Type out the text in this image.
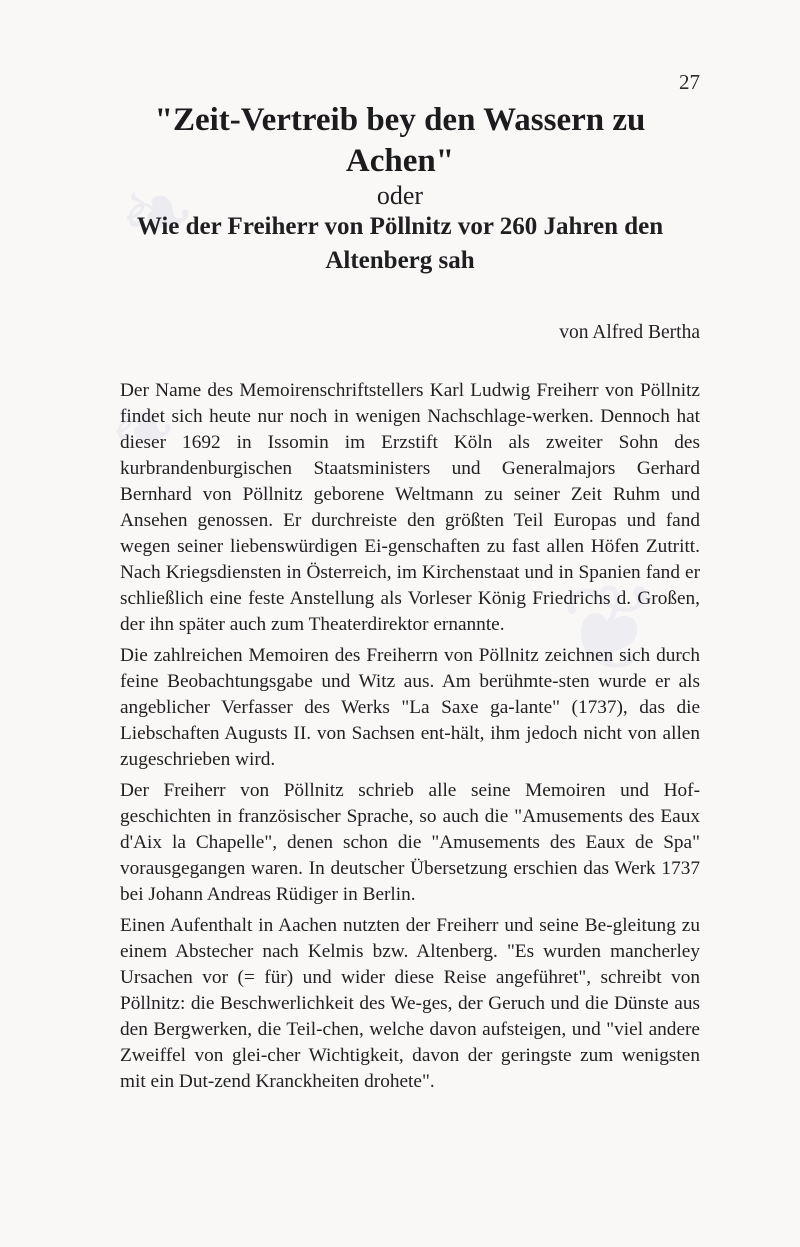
❧
❦
❧
27
"Zeit-Vertreib bey den Wassern zu Achen"
oder
Wie der Freiherr von Pöllnitz vor 260 Jahren den Altenberg sah
von Alfred Bertha

Der Name des Memoirenschriftstellers Karl Ludwig Freiherr von Pöllnitz findet sich heute nur noch in wenigen Nachschlage-werken. Dennoch hat dieser 1692 in Issomin im Erzstift Köln als zweiter Sohn des kurbrandenburgischen Staatsministers und Generalmajors Gerhard Bernhard von Pöllnitz geborene Weltmann zu seiner Zeit Ruhm und Ansehen genossen. Er durchreiste den größten Teil Europas und fand wegen seiner liebenswürdigen Ei-genschaften zu fast allen Höfen Zutritt. Nach Kriegsdiensten in Österreich, im Kirchenstaat und in Spanien fand er schließlich eine feste Anstellung als Vorleser König Friedrichs d. Großen, der ihn später auch zum Theaterdirektor ernannte.

Die zahlreichen Memoiren des Freiherrn von Pöllnitz zeichnen sich durch feine Beobachtungsgabe und Witz aus. Am berühmte-sten wurde er als angeblicher Verfasser des Werks "La Saxe ga-lante" (1737), das die Liebschaften Augusts II. von Sachsen ent-hält, ihm jedoch nicht von allen zugeschrieben wird.

Der Freiherr von Pöllnitz schrieb alle seine Memoiren und Hof-geschichten in französischer Sprache, so auch die "Amusements des Eaux d'Aix la Chapelle", denen schon die "Amusements des Eaux de Spa" vorausgegangen waren. In deutscher Übersetzung erschien das Werk 1737 bei Johann Andreas Rüdiger in Berlin.

Einen Aufenthalt in Aachen nutzten der Freiherr und seine Be-gleitung zu einem Abstecher nach Kelmis bzw. Altenberg. "Es wurden mancherley Ursachen vor (= für) und wider diese Reise angeführet", schreibt von Pöllnitz: die Beschwerlichkeit des We-ges, der Geruch und die Dünste aus den Bergwerken, die Teil-chen, welche davon aufsteigen, und "viel andere Zweiffel von glei-cher Wichtigkeit, davon der geringste zum wenigsten mit ein Dut-zend Kranckheiten drohete".
